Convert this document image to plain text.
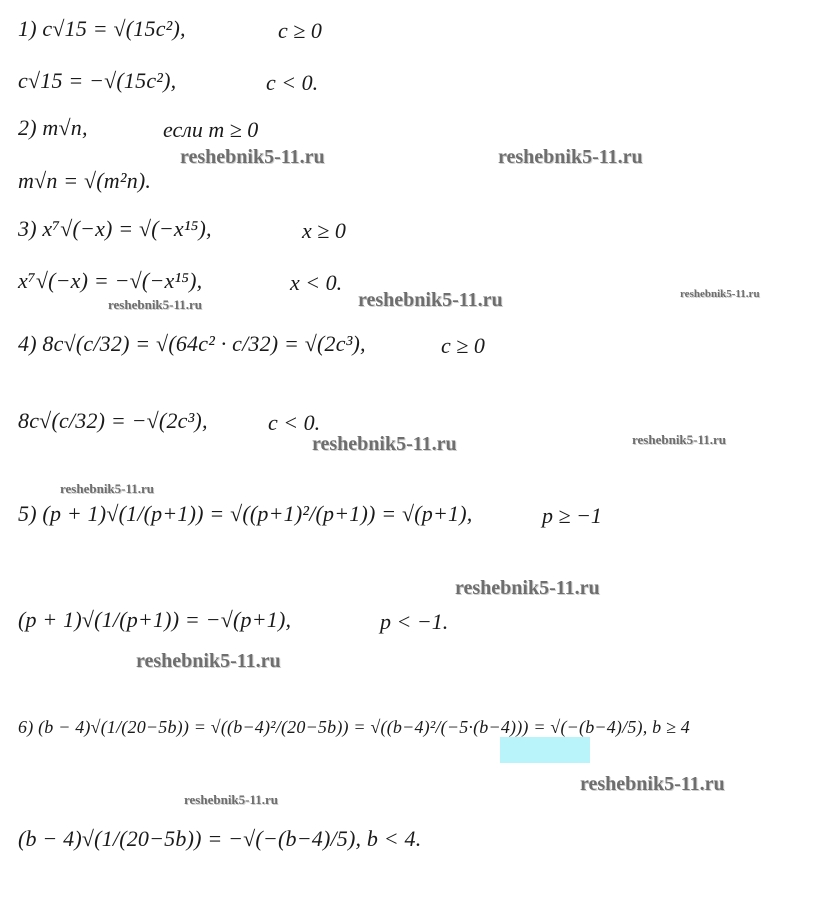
1) c√15 = √(15c²),	c ≥ 0
c√15 = −√(15c²),	c < 0.
2) m√n,	если m ≥ 0
m√n = √(m²n).
3) x⁷√(−x) = √(−x¹⁵),	x ≥ 0
x⁷√(−x) = −√(−x¹⁵),	x < 0.
4) 8c√(c/32) = √(64c² · c/32) = √(2c³),	c ≥ 0
8c√(c/32) = −√(2c³),	c < 0.
5) (p + 1)√(1/(p+1)) = √((p+1)²/(p+1)) = √(p+1),	p ≥ −1
(p + 1)√(1/(p+1)) = −√(p+1),	p < −1.
6) (b − 4)√(1/(20−5b)) = √((b−4)²/(20−5b)) = √((b−4)²/(−5·(b−4))) = √(−(b−4)/5), b ≥ 4
(b − 4)√(1/(20−5b)) = −√(−(b−4)/5), b < 4.
reshebnik5-11.ru	reshebnik5-11.ru
reshebnik5-11.ru	reshebnik5-11.ru	reshebnik5-11.ru
reshebnik5-11.ru	reshebnik5-11.ru
reshebnik5-11.ru
reshebnik5-11.ru
reshebnik5-11.ru
reshebnik5-11.ru
reshebnik5-11.ru
